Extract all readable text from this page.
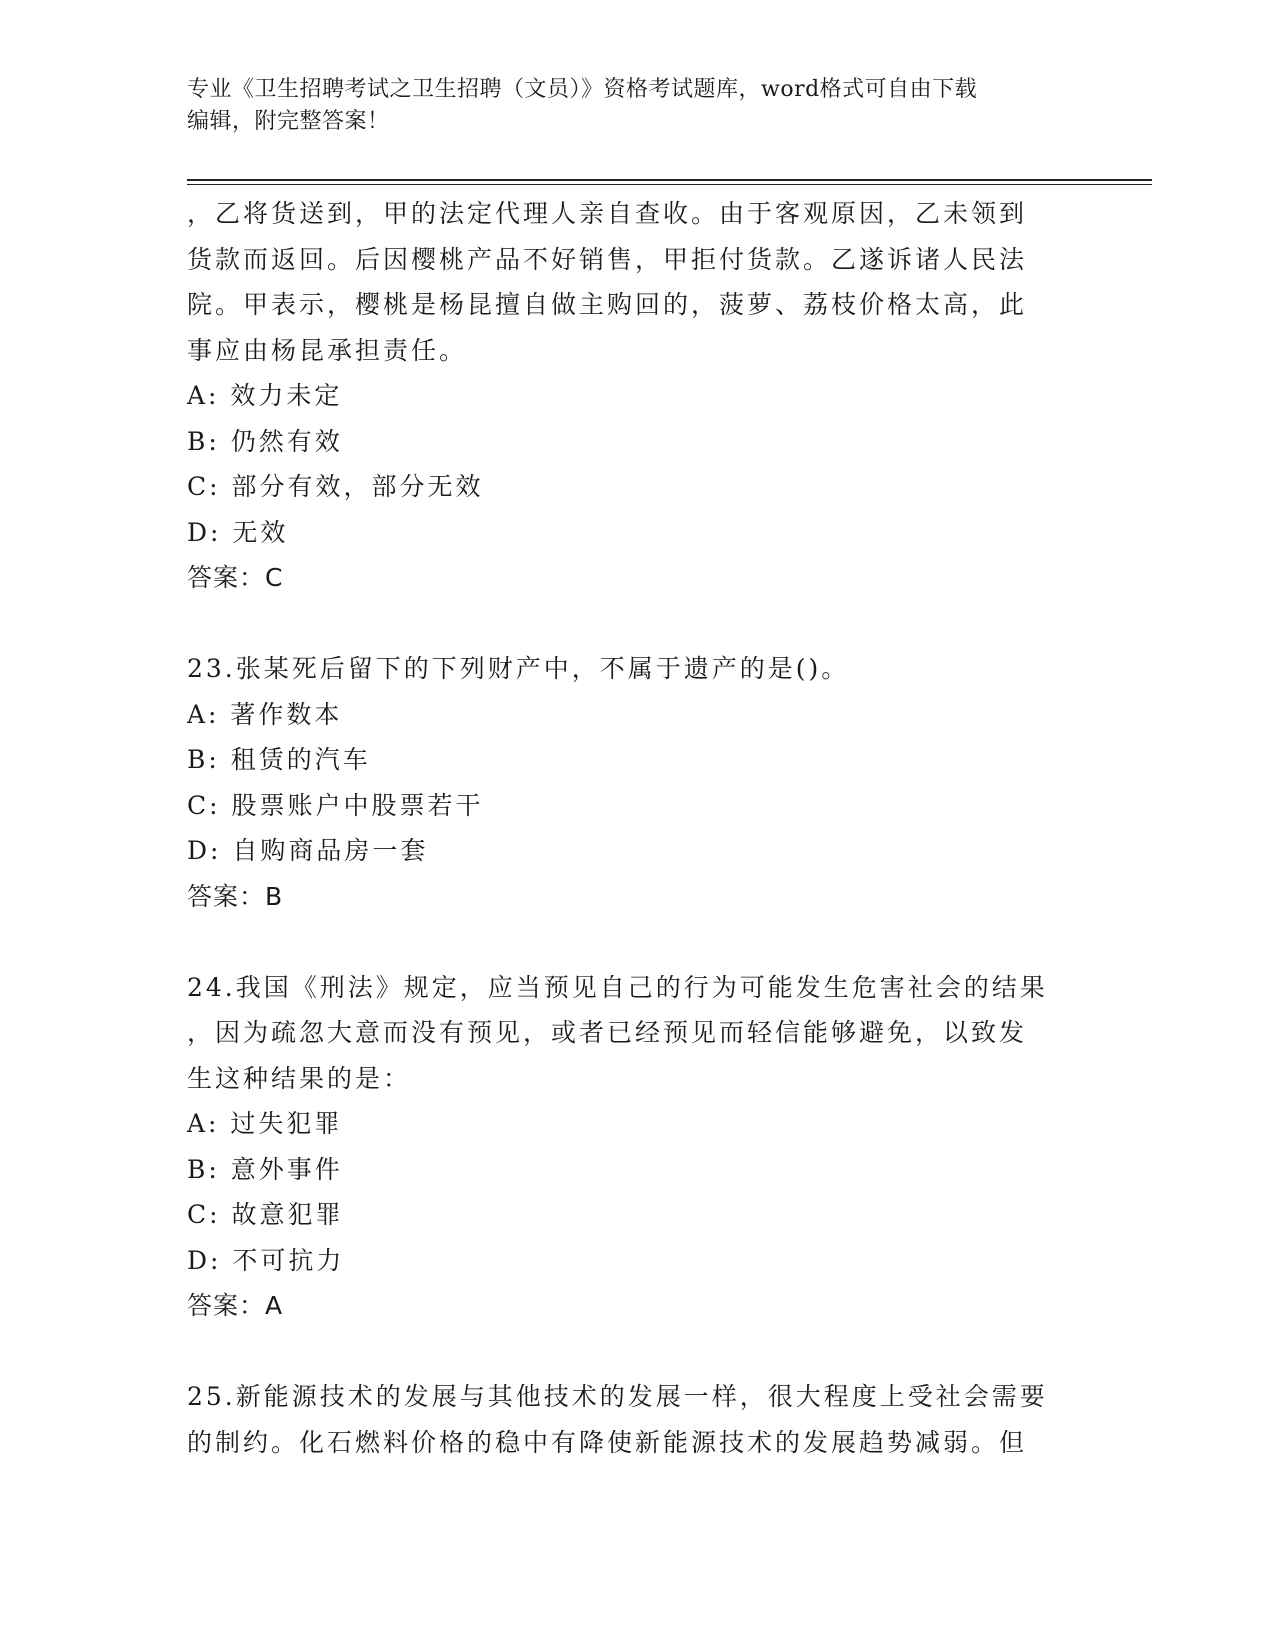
专业《卫生招聘考试之卫生招聘（文员）》资格考试题库，word格式可自由下载
编辑，附完整答案！
，乙将货送到，甲的法定代理人亲自查收。由于客观原因，乙未领到
货款而返回。后因樱桃产品不好销售，甲拒付货款。乙遂诉诸人民法
院。甲表示，樱桃是杨昆擅自做主购回的，菠萝、荔枝价格太高，此
事应由杨昆承担责任。
A: 效力未定
B: 仍然有效
C: 部分有效，部分无效
D: 无效
答案：C
23.张某死后留下的下列财产中，不属于遗产的是()。
A: 著作数本
B: 租赁的汽车
C: 股票账户中股票若干
D: 自购商品房一套
答案：B
24.我国《刑法》规定，应当预见自己的行为可能发生危害社会的结果
，因为疏忽大意而没有预见，或者已经预见而轻信能够避免，以致发
生这种结果的是：
A: 过失犯罪
B: 意外事件
C: 故意犯罪
D: 不可抗力
答案：A
25.新能源技术的发展与其他技术的发展一样，很大程度上受社会需要
的制约。化石燃料价格的稳中有降使新能源技术的发展趋势减弱。但
